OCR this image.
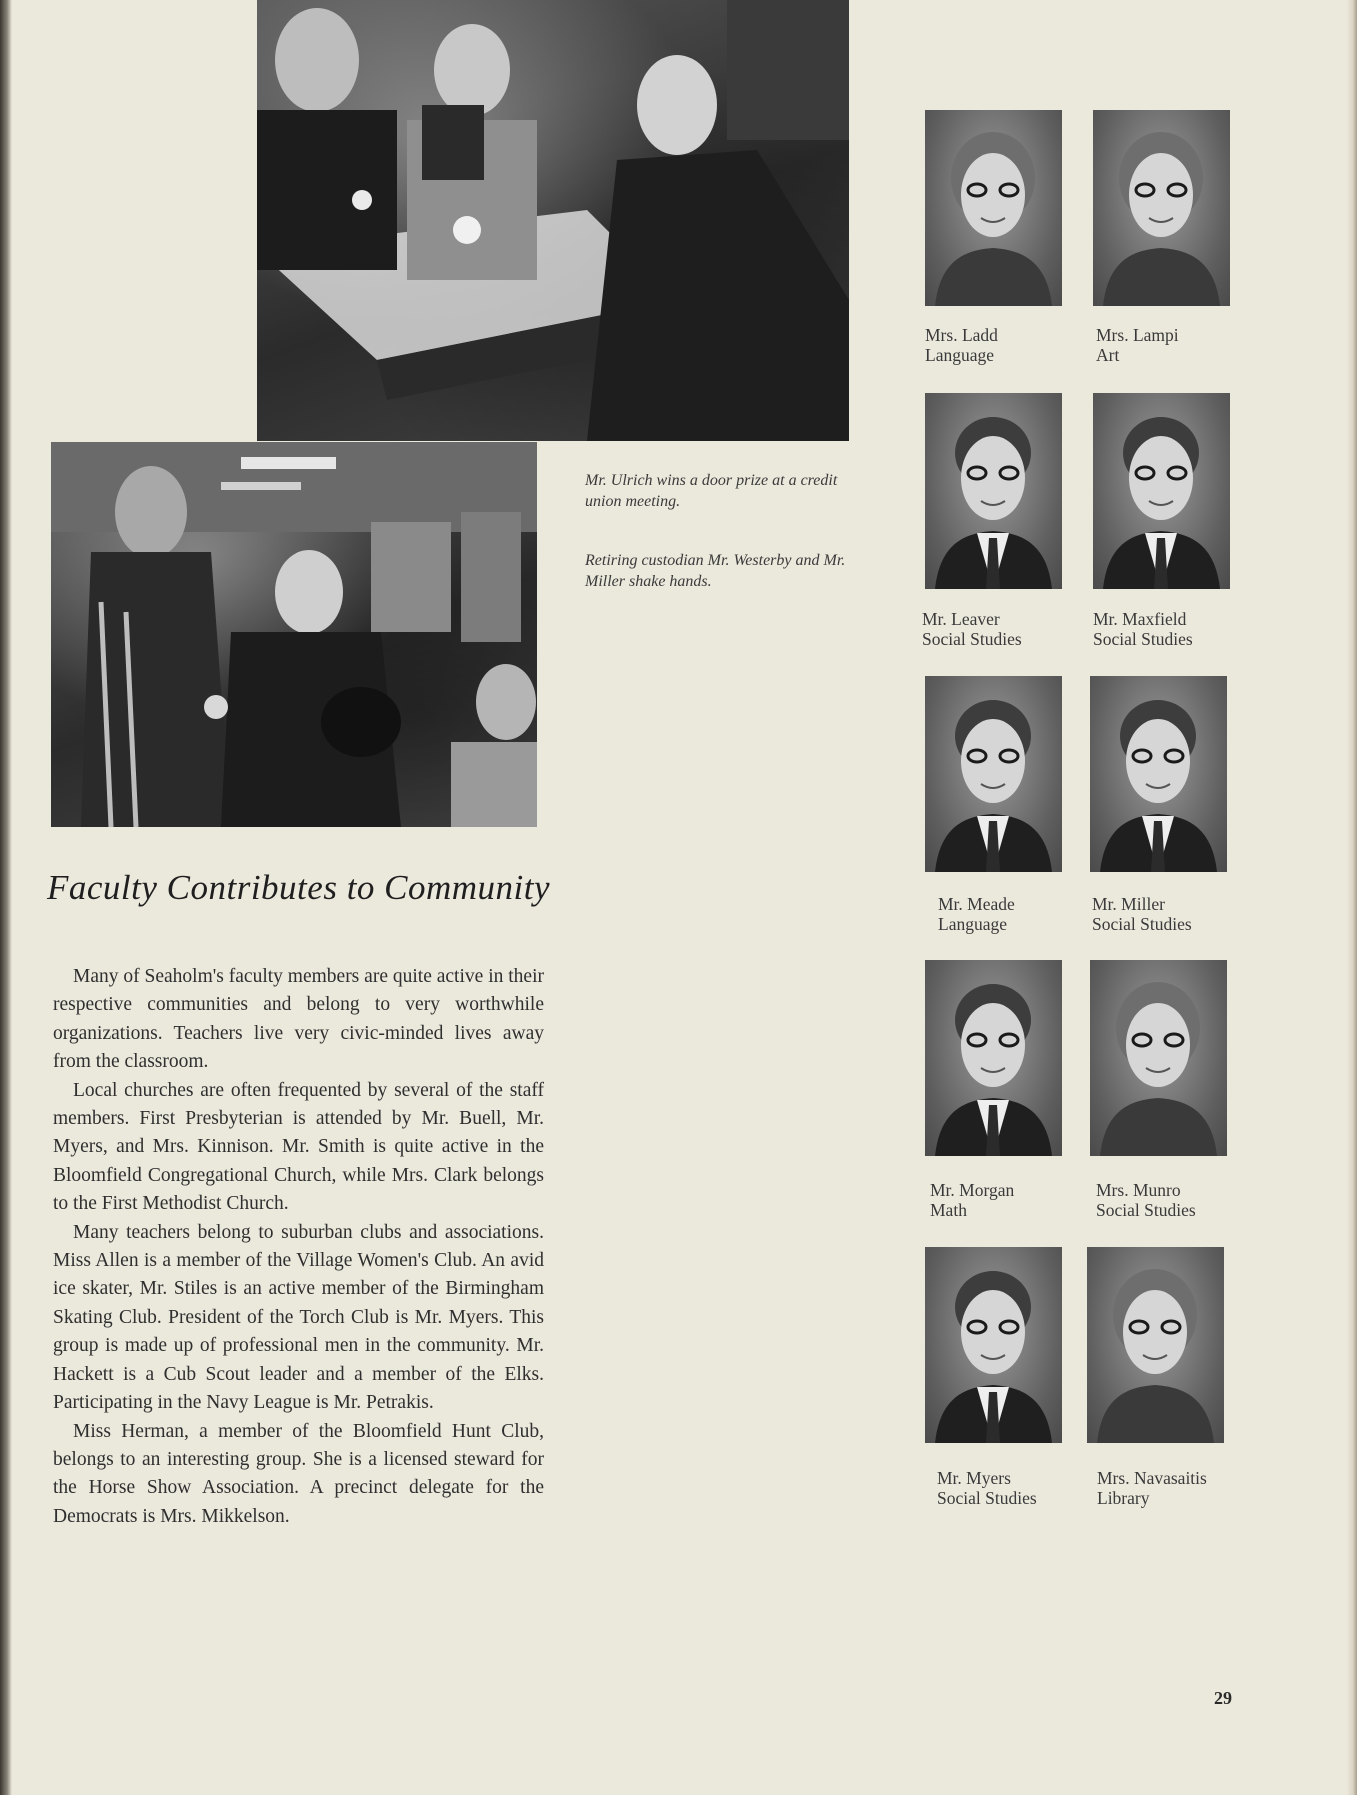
Mr. Ulrich wins a door prize at a credit union meeting.
Retiring custodian Mr. Westerby and Mr. Miller shake hands.
Faculty Contributes to Community

Many of Seaholm's faculty members are quite active in their respective communities and belong to very worthwhile organizations. Teachers live very civic-minded lives away from the classroom.

Local churches are often frequented by several of the staff members. First Presbyterian is attended by Mr. Buell, Mr. Myers, and Mrs. Kinnison. Mr. Smith is quite active in the Bloomfield Congregational Church, while Mrs. Clark belongs to the First Methodist Church.

Many teachers belong to suburban clubs and associations. Miss Allen is a member of the Village Women's Club. An avid ice skater, Mr. Stiles is an active member of the Birmingham Skating Club. President of the Torch Club is Mr. Myers. This group is made up of professional men in the community. Mr. Hackett is a Cub Scout leader and a member of the Elks. Participating in the Navy League is Mr. Petrakis.

Miss Herman, a member of the Bloomfield Hunt Club, belongs to an interesting group. She is a licensed steward for the Horse Show Association. A precinct delegate for the Democrats is Mrs. Mikkelson.

Mrs. Ladd
Language
Mrs. Lampi
Art
Mr. Leaver
Social Studies
Mr. Maxfield
Social Studies
Mr. Meade
Language
Mr. Miller
Social Studies
Mr. Morgan
Math
Mrs. Munro
Social Studies
Mr. Myers
Social Studies
Mrs. Navasaitis
Library
29
